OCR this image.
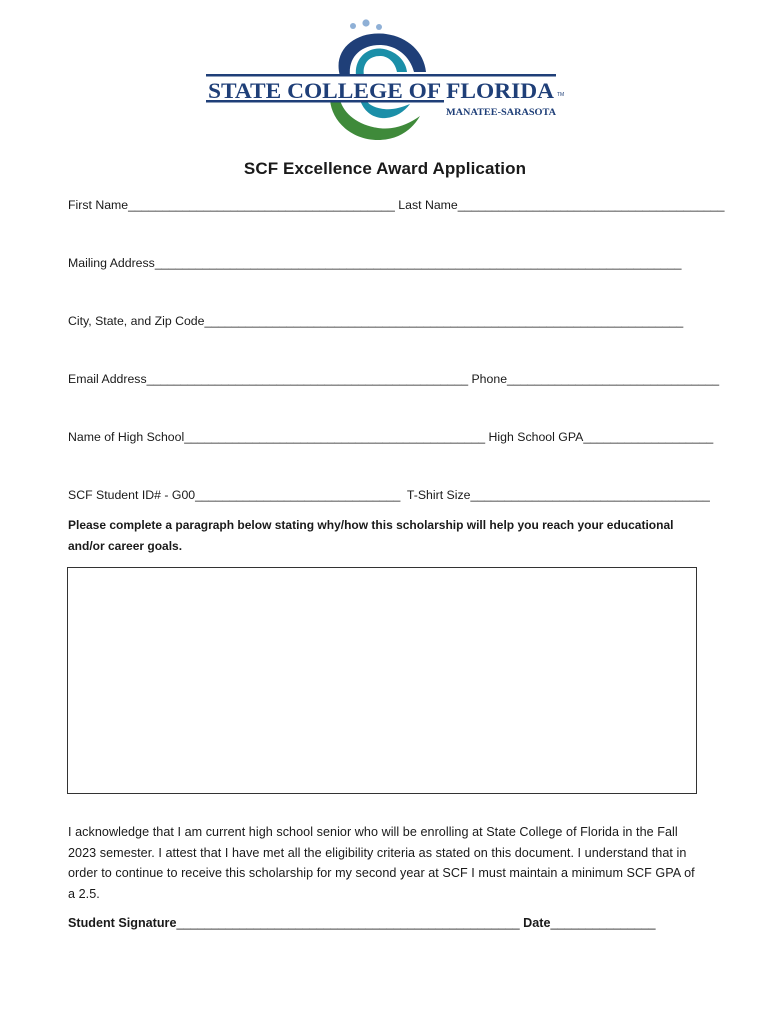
STATE COLLEGE OF FLORIDA TM
MANATEE-SARASOTA
SCF Excellence Award Application
First Name_______________________________________ Last Name_______________________________________
Mailing Address_____________________________________________________________________________
City, State, and Zip Code______________________________________________________________________
Email Address_______________________________________________ Phone_______________________________
Name of High School____________________________________________ High School GPA___________________
SCF Student ID# - G00______________________________ T-Shirt Size___________________________________
Please complete a paragraph below stating why/how this scholarship will help you reach your educational and/or career goals.
I acknowledge that I am current high school senior who will be enrolling at State College of Florida in the Fall 2023 semester. I attest that I have met all the eligibility criteria as stated on this document. I understand that in order to continue to receive this scholarship for my second year at SCF I must maintain a minimum SCF GPA of a 2.5.
Student Signature_________________________________________________ Date_______________
